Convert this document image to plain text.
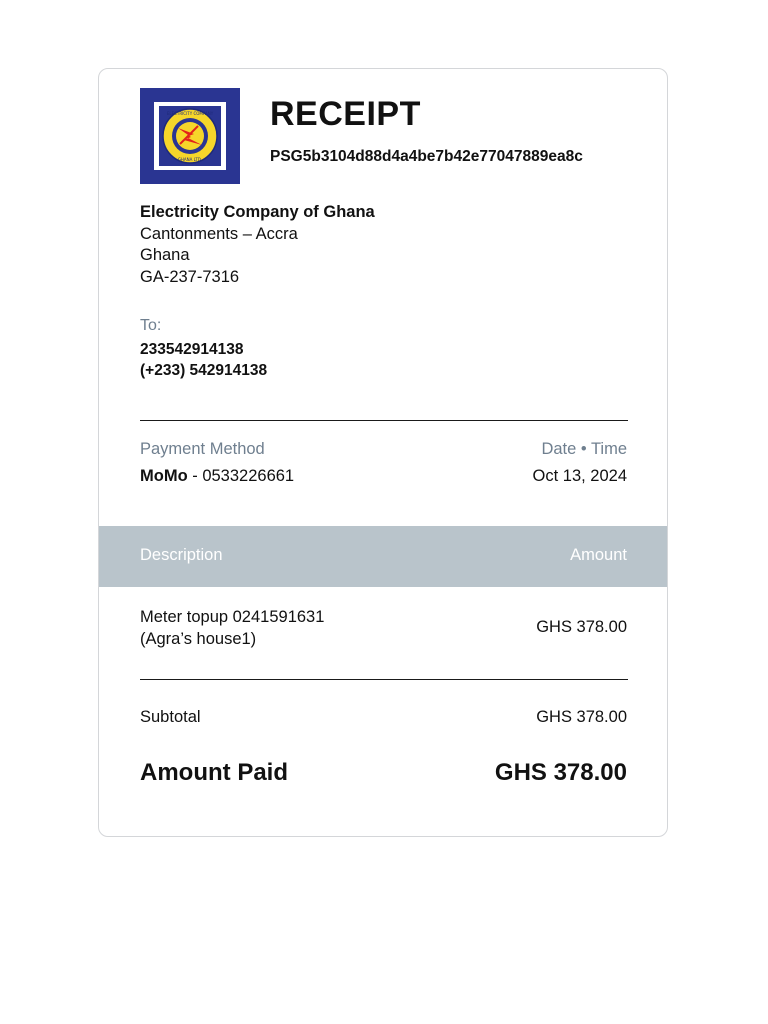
ELECTRICITY COMPANY
GHANA LTD.
RECEIPT
PSG5b3104d88d4a4be7b42e77047889ea8c
Electricity Company of Ghana
Cantonments – Accra
Ghana
GA-237-7316
To:
233542914138
(+233) 542914138
Payment Method
MoMo - 0533226661
Date • Time
Oct 13, 2024
Description	Amount
Meter topup 0241591631
(Agra’s house1)
GHS 378.00
Subtotal	GHS 378.00
Amount Paid	GHS 378.00
